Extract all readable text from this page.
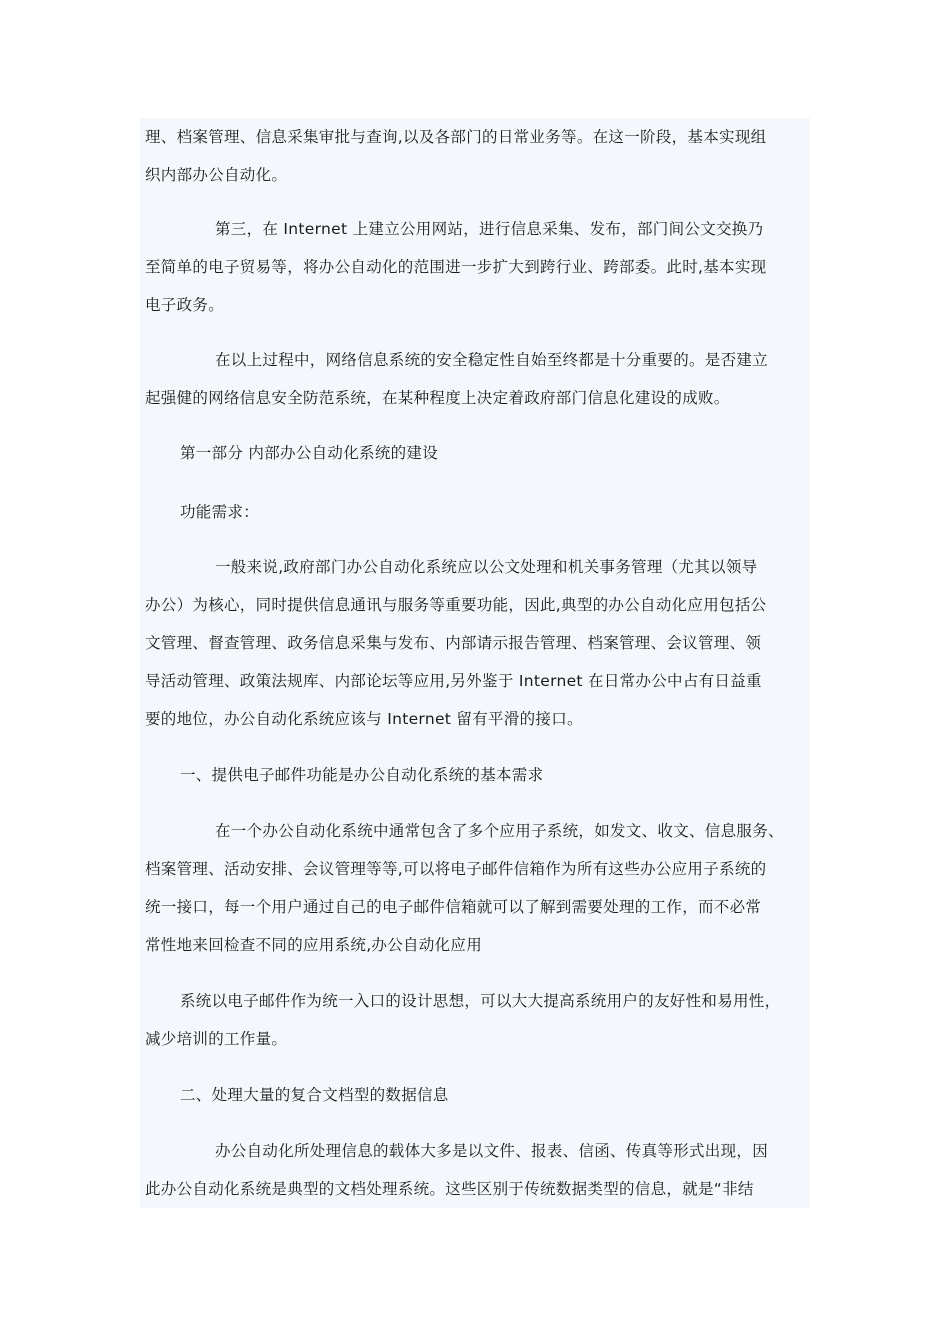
理、档案管理、信息采集审批与查询,以及各部门的日常业务等。在这一阶段，基本实现组
织内部办公自动化。
第三，在 Internet 上建立公用网站，进行信息采集、发布，部门间公文交换乃
至简单的电子贸易等，将办公自动化的范围进一步扩大到跨行业、跨部委。此时,基本实现
电子政务。
在以上过程中，网络信息系统的安全稳定性自始至终都是十分重要的。是否建立
起强健的网络信息安全防范系统，在某种程度上决定着政府部门信息化建设的成败。
第一部分 内部办公自动化系统的建设
功能需求：
一般来说,政府部门办公自动化系统应以公文处理和机关事务管理（尤其以领导
办公）为核心，同时提供信息通讯与服务等重要功能，因此,典型的办公自动化应用包括公
文管理、督查管理、政务信息采集与发布、内部请示报告管理、档案管理、会议管理、领
导活动管理、政策法规库、内部论坛等应用,另外鉴于 Internet 在日常办公中占有日益重
要的地位，办公自动化系统应该与 Internet 留有平滑的接口。
一、提供电子邮件功能是办公自动化系统的基本需求
在一个办公自动化系统中通常包含了多个应用子系统，如发文、收文、信息服务、
档案管理、活动安排、会议管理等等,可以将电子邮件信箱作为所有这些办公应用子系统的
统一接口，每一个用户通过自己的电子邮件信箱就可以了解到需要处理的工作，而不必常
常性地来回检查不同的应用系统,办公自动化应用
系统以电子邮件作为统一入口的设计思想，可以大大提高系统用户的友好性和易用性，
减少培训的工作量。
二、处理大量的复合文档型的数据信息
办公自动化所处理信息的载体大多是以文件、报表、信函、传真等形式出现，因
此办公自动化系统是典型的文档处理系统。这些区别于传统数据类型的信息，就是“非结
